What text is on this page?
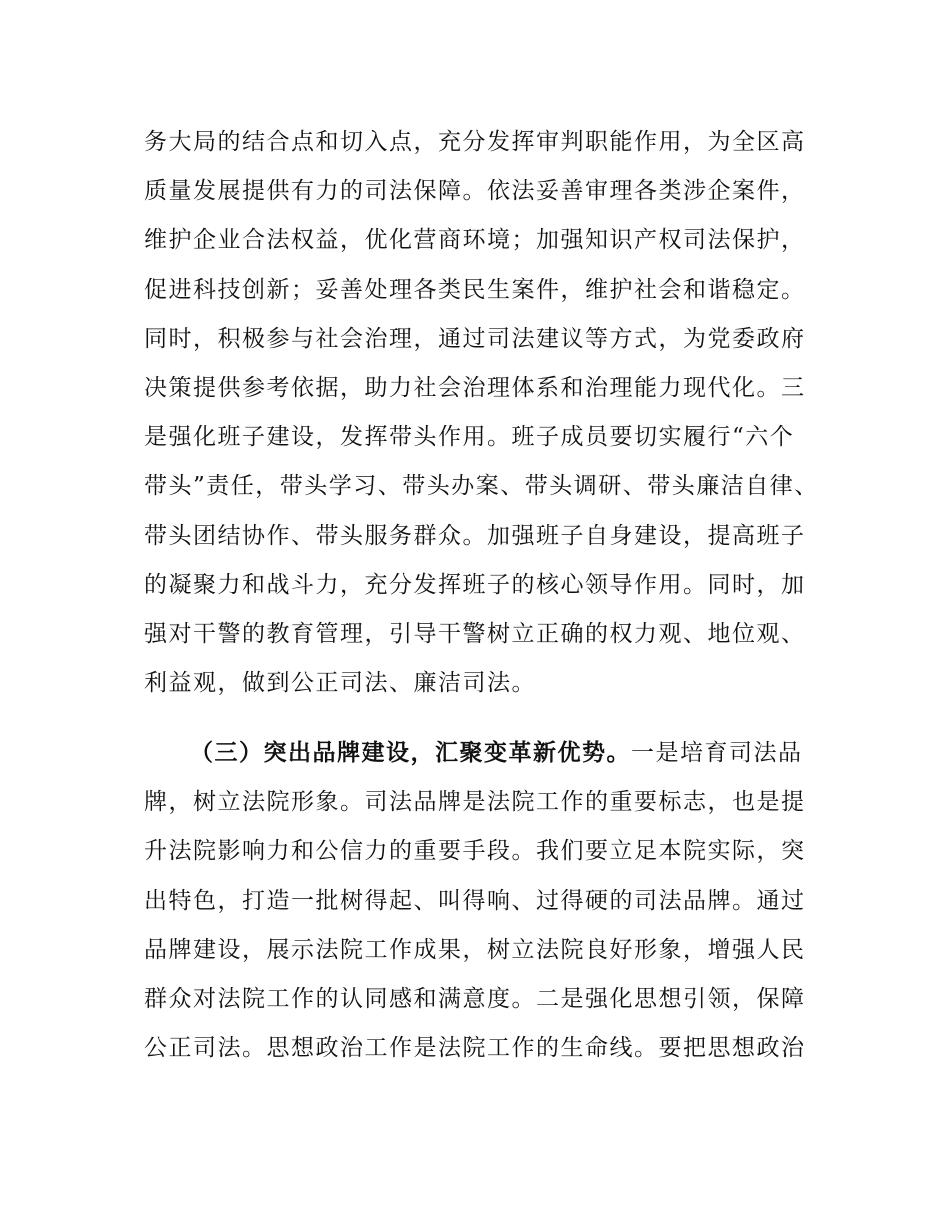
务大局的结合点和切入点，充分发挥审判职能作用，为全区高
质量发展提供有力的司法保障。依法妥善审理各类涉企案件，
维护企业合法权益，优化营商环境；加强知识产权司法保护，
促进科技创新；妥善处理各类民生案件，维护社会和谐稳定。
同时，积极参与社会治理，通过司法建议等方式，为党委政府
决策提供参考依据，助力社会治理体系和治理能力现代化。三
是强化班子建设，发挥带头作用。班子成员要切实履行“六个
带头”责任，带头学习、带头办案、带头调研、带头廉洁自律、
带头团结协作、带头服务群众。加强班子自身建设，提高班子
的凝聚力和战斗力，充分发挥班子的核心领导作用。同时，加
强对干警的教育管理，引导干警树立正确的权力观、地位观、
利益观，做到公正司法、廉洁司法。
（三）突出品牌建设，汇聚变革新优势。一是培育司法品
牌，树立法院形象。司法品牌是法院工作的重要标志，也是提
升法院影响力和公信力的重要手段。我们要立足本院实际，突
出特色，打造一批树得起、叫得响、过得硬的司法品牌。通过
品牌建设，展示法院工作成果，树立法院良好形象，增强人民
群众对法院工作的认同感和满意度。二是强化思想引领，保障
公正司法。思想政治工作是法院工作的生命线。要把思想政治
